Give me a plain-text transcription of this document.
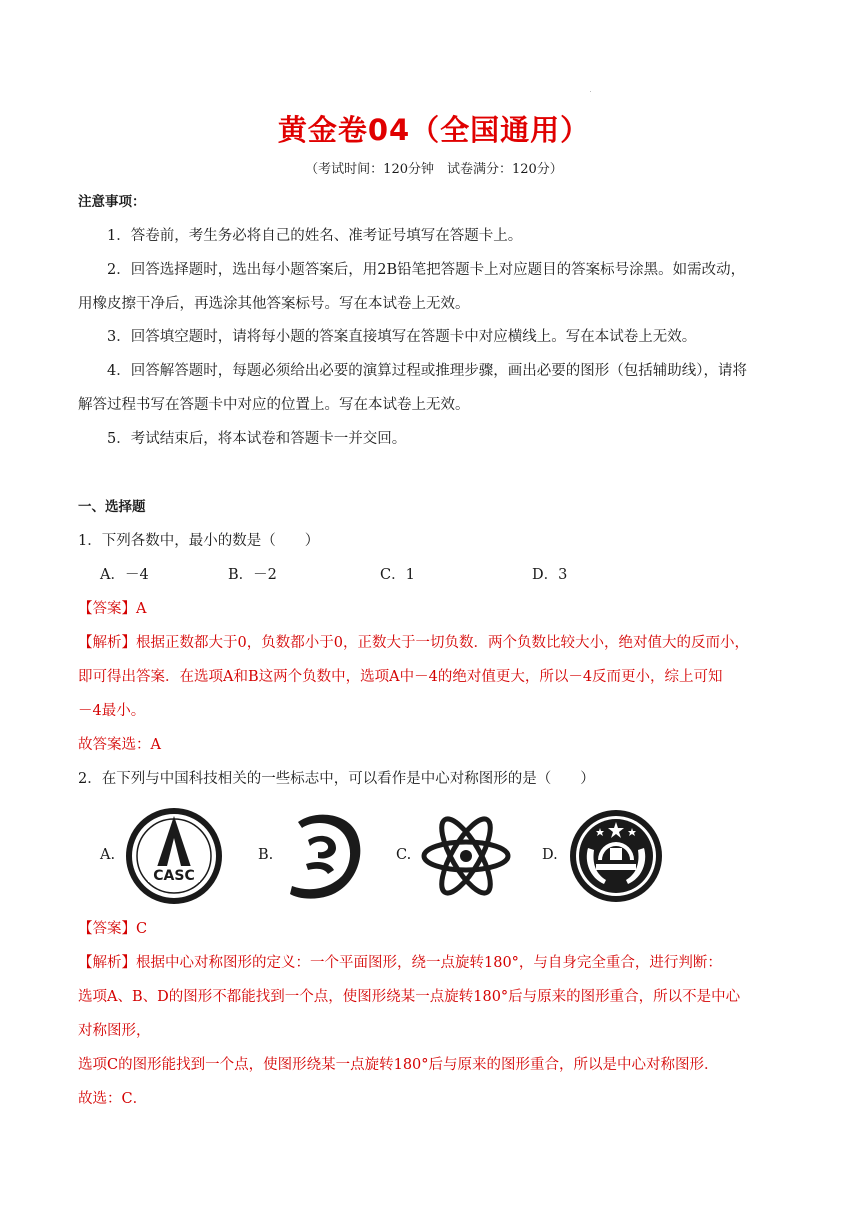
黄金卷04（全国通用）
（考试时间：120分钟　试卷满分：120分）
注意事项：
1．答卷前，考生务必将自己的姓名、准考证号填写在答题卡上。
2．回答选择题时，选出每小题答案后，用2B铅笔把答题卡上对应题目的答案标号涂黑。如需改动，
用橡皮擦干净后，再选涂其他答案标号。写在本试卷上无效。
3．回答填空题时，请将每小题的答案直接填写在答题卡中对应横线上。写在本试卷上无效。
4．回答解答题时，每题必须给出必要的演算过程或推理步骤，画出必要的图形（包括辅助线），请将
解答过程书写在答题卡中对应的位置上。写在本试卷上无效。
5．考试结束后，将本试卷和答题卡一并交回。
一、选择题
1．下列各数中，最小的数是（　　）
A．－4	B．－2	C．1	D．3
【答案】A
【解析】根据正数都大于0，负数都小于0，正数大于一切负数．两个负数比较大小，绝对值大的反而小，
即可得出答案．在选项A和B这两个负数中，选项A中－4的绝对值更大，所以－4反而更小，综上可知
－4最小。
故答案选：A
2．在下列与中国科技相关的一些标志中，可以看作是中心对称图形的是（　　）
A.
CASC
B.	C.	D.
【答案】C
【解析】根据中心对称图形的定义：一个平面图形，绕一点旋转180°，与自身完全重合，进行判断：
选项A、B、D的图形不都能找到一个点，使图形绕某一点旋转180°后与原来的图形重合，所以不是中心
对称图形，
选项C的图形能找到一个点，使图形绕某一点旋转180°后与原来的图形重合，所以是中心对称图形．
故选：C．
